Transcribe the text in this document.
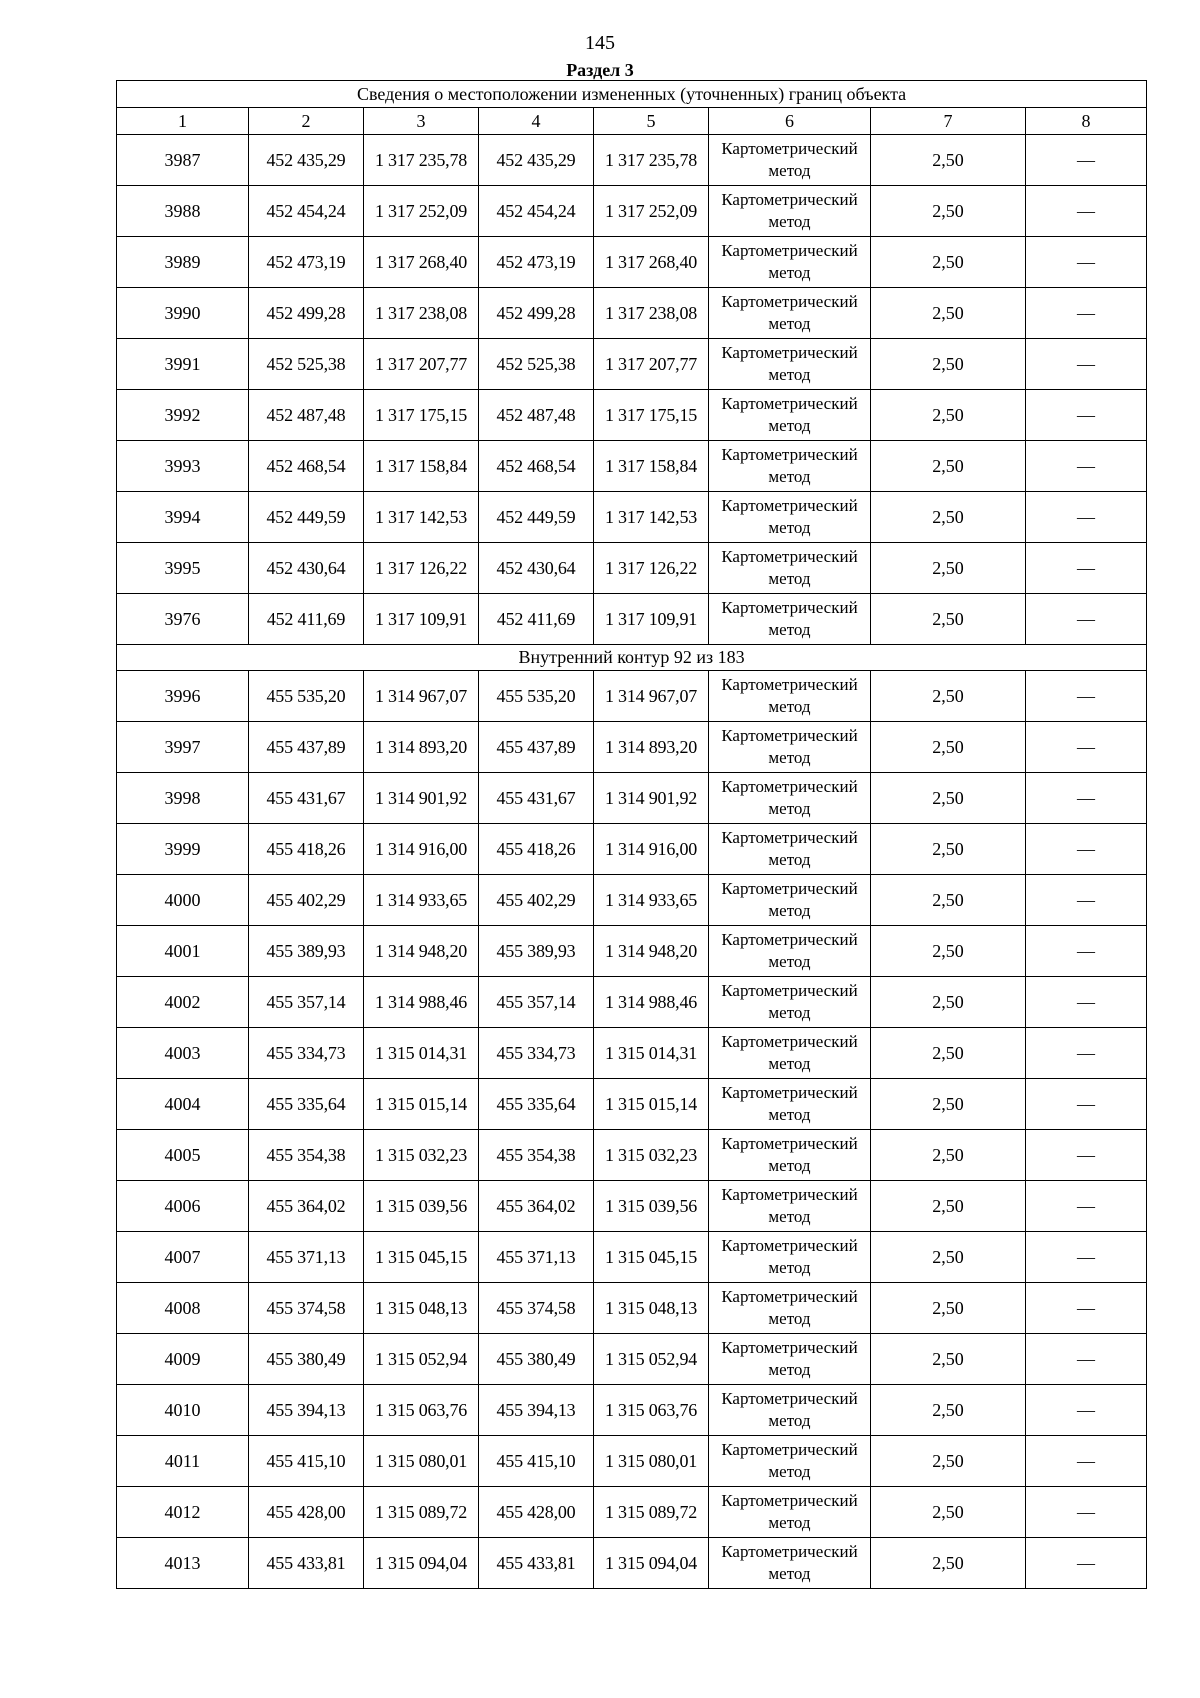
145
Раздел 3
Сведения о местоположении измененных (уточненных) границ объекта							
1	2	3	4	5	6	7	8
3987	452 435,29	1 317 235,78	452 435,29	1 317 235,78	Картометрический метод	2,50	—
3988	452 454,24	1 317 252,09	452 454,24	1 317 252,09	Картометрический метод	2,50	—
3989	452 473,19	1 317 268,40	452 473,19	1 317 268,40	Картометрический метод	2,50	—
3990	452 499,28	1 317 238,08	452 499,28	1 317 238,08	Картометрический метод	2,50	—
3991	452 525,38	1 317 207,77	452 525,38	1 317 207,77	Картометрический метод	2,50	—
3992	452 487,48	1 317 175,15	452 487,48	1 317 175,15	Картометрический метод	2,50	—
3993	452 468,54	1 317 158,84	452 468,54	1 317 158,84	Картометрический метод	2,50	—
3994	452 449,59	1 317 142,53	452 449,59	1 317 142,53	Картометрический метод	2,50	—
3995	452 430,64	1 317 126,22	452 430,64	1 317 126,22	Картометрический метод	2,50	—
3976	452 411,69	1 317 109,91	452 411,69	1 317 109,91	Картометрический метод	2,50	—
Внутренний контур 92 из 183							
3996	455 535,20	1 314 967,07	455 535,20	1 314 967,07	Картометрический метод	2,50	—
3997	455 437,89	1 314 893,20	455 437,89	1 314 893,20	Картометрический метод	2,50	—
3998	455 431,67	1 314 901,92	455 431,67	1 314 901,92	Картометрический метод	2,50	—
3999	455 418,26	1 314 916,00	455 418,26	1 314 916,00	Картометрический метод	2,50	—
4000	455 402,29	1 314 933,65	455 402,29	1 314 933,65	Картометрический метод	2,50	—
4001	455 389,93	1 314 948,20	455 389,93	1 314 948,20	Картометрический метод	2,50	—
4002	455 357,14	1 314 988,46	455 357,14	1 314 988,46	Картометрический метод	2,50	—
4003	455 334,73	1 315 014,31	455 334,73	1 315 014,31	Картометрический метод	2,50	—
4004	455 335,64	1 315 015,14	455 335,64	1 315 015,14	Картометрический метод	2,50	—
4005	455 354,38	1 315 032,23	455 354,38	1 315 032,23	Картометрический метод	2,50	—
4006	455 364,02	1 315 039,56	455 364,02	1 315 039,56	Картометрический метод	2,50	—
4007	455 371,13	1 315 045,15	455 371,13	1 315 045,15	Картометрический метод	2,50	—
4008	455 374,58	1 315 048,13	455 374,58	1 315 048,13	Картометрический метод	2,50	—
4009	455 380,49	1 315 052,94	455 380,49	1 315 052,94	Картометрический метод	2,50	—
4010	455 394,13	1 315 063,76	455 394,13	1 315 063,76	Картометрический метод	2,50	—
4011	455 415,10	1 315 080,01	455 415,10	1 315 080,01	Картометрический метод	2,50	—
4012	455 428,00	1 315 089,72	455 428,00	1 315 089,72	Картометрический метод	2,50	—
4013	455 433,81	1 315 094,04	455 433,81	1 315 094,04	Картометрический метод	2,50	—
